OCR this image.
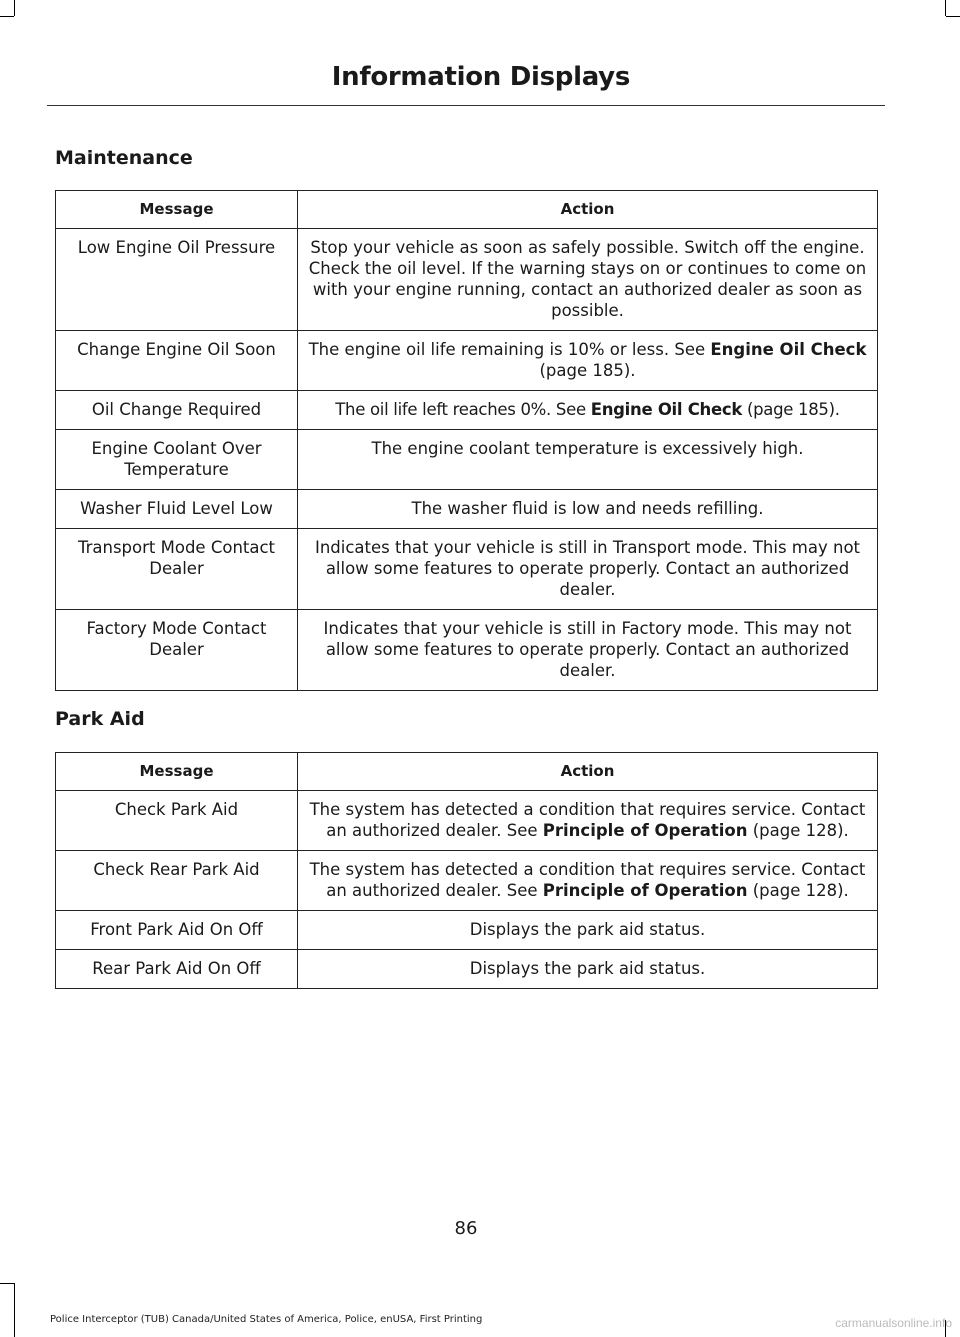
Information Displays
Maintenance
Message	Action
Low Engine Oil Pressure	Stop your vehicle as soon as safely possible. Switch off the engine. Check the oil level. If the warning stays on or continues to come on with your engine running, contact an authorized dealer as soon as possible.
Change Engine Oil Soon	The engine oil life remaining is 10% or less. See Engine Oil Check (page 185).
Oil Change Required	The oil life left reaches 0%. See Engine Oil Check (page 185).
Engine Coolant Over Temperature	The engine coolant temperature is excessively high.
Washer Fluid Level Low	The washer fluid is low and needs refilling.
Transport Mode Contact Dealer	Indicates that your vehicle is still in Transport mode. This may not allow some features to operate properly. Contact an authorized dealer.
Factory Mode Contact Dealer	Indicates that your vehicle is still in Factory mode. This may not allow some features to operate properly. Contact an authorized dealer.
Park Aid
Message	Action
Check Park Aid	The system has detected a condition that requires service. Contact an authorized dealer. See Principle of Operation (page 128).
Check Rear Park Aid	The system has detected a condition that requires service. Contact an authorized dealer. See Principle of Operation (page 128).
Front Park Aid On Off	Displays the park aid status.
Rear Park Aid On Off	Displays the park aid status.
86
Police Interceptor (TUB) Canada/United States of America, Police, enUSA, First Printing	carmanualsonline.info
